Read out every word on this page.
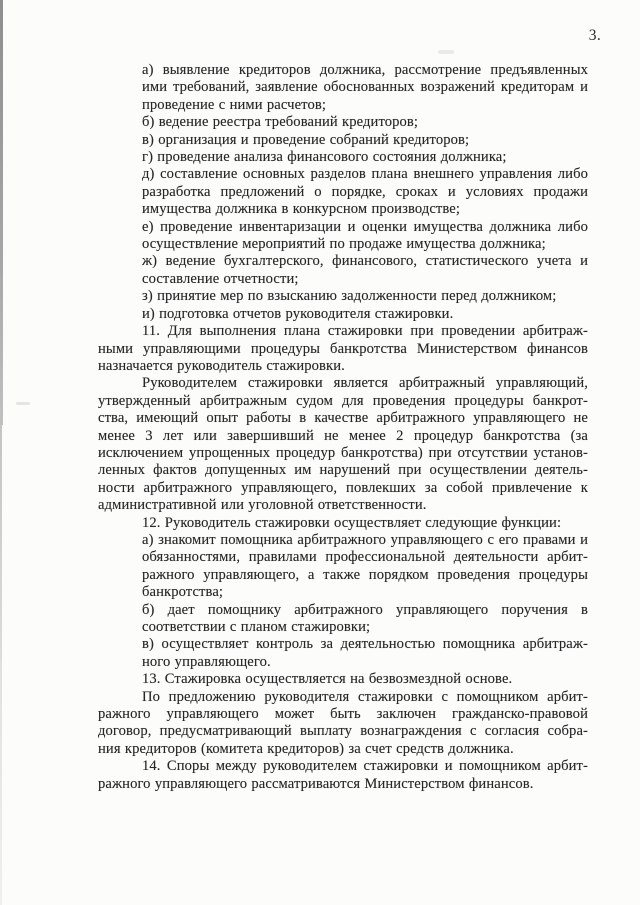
3.
а) выявление кредиторов должника, рассмотрение предъявленных
ими требований, заявление обоснованных возражений кредиторам и
проведение с ними расчетов;
б) ведение реестра требований кредиторов;
в) организация и проведение собраний кредиторов;
г) проведение анализа финансового состояния должника;
д) составление основных разделов плана внешнего управления либо
разработка предложений о порядке, сроках и условиях продажи
имущества должника в конкурсном производстве;
е) проведение инвентаризации и оценки имущества должника либо
осуществление мероприятий по продаже имущества должника;
ж) ведение бухгалтерского, финансового, статистического учета и
составление отчетности;
з) принятие мер по взысканию задолженности перед должником;
и) подготовка отчетов руководителя стажировки.
11. Для выполнения плана стажировки при проведении арбитраж-
ными управляющими процедуры банкротства Министерством финансов
назначается руководитель стажировки.
Руководителем стажировки является арбитражный управляющий,
утвержденный арбитражным судом для проведения процедуры банкрот-
ства, имеющий опыт работы в качестве арбитражного управляющего не
менее 3 лет или завершивший не менее 2 процедур банкротства (за
исключением упрощенных процедур банкротства) при отсутствии установ-
ленных фактов допущенных им нарушений при осуществлении деятель-
ности арбитражного управляющего, повлекших за собой привлечение к
административной или уголовной ответственности.
12. Руководитель стажировки осуществляет следующие функции:
а) знакомит помощника арбитражного управляющего с его правами и
обязанностями, правилами профессиональной деятельности арбит-
ражного управляющего, а также порядком проведения процедуры
банкротства;
б) дает помощнику арбитражного управляющего поручения в
соответствии с планом стажировки;
в) осуществляет контроль за деятельностью помощника арбитраж-
ного управляющего.
13. Стажировка осуществляется на безвозмездной основе.
По предложению руководителя стажировки с помощником арбит-
ражного управляющего может быть заключен гражданско-правовой
договор, предусматривающий выплату вознаграждения с согласия собра-
ния кредиторов (комитета кредиторов) за счет средств должника.
14. Споры между руководителем стажировки и помощником арбит-
ражного управляющего рассматриваются Министерством финансов.
